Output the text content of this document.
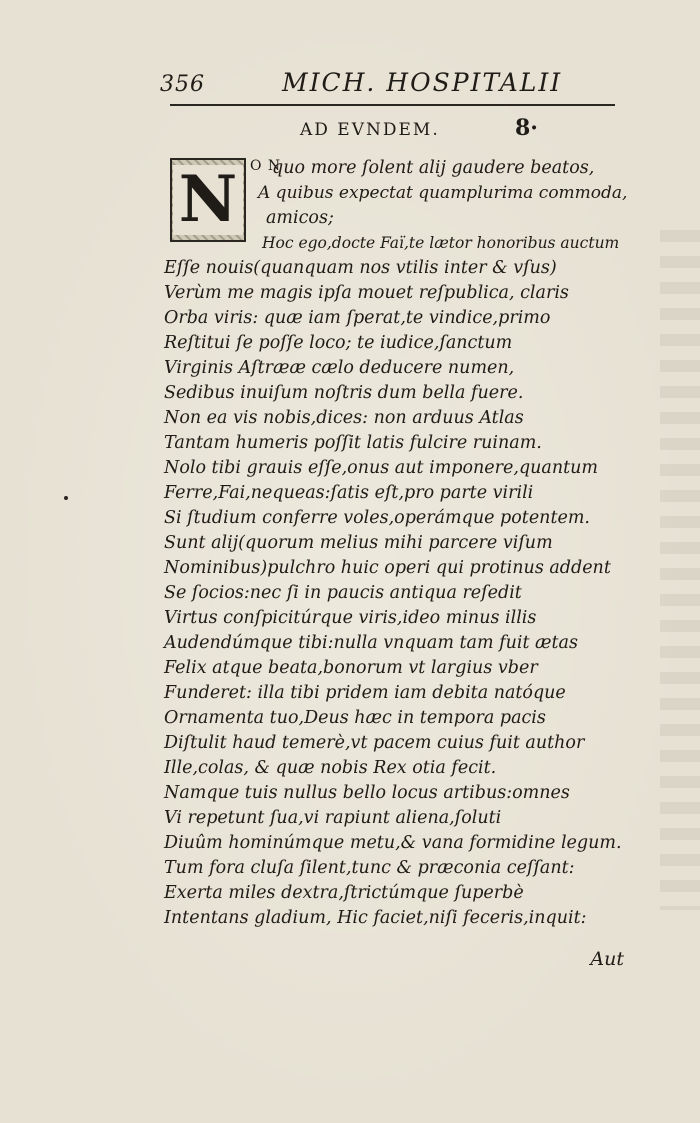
356	MICH. HOSPITALII
AD EVNDEM.	8·
N O N
quo more ſolent alij gaudere beatos,
A quibus expectat quamplurima commoda,
amicos;
Hoc ego,docte Faï,te lætor honoribus auctum
Eſſe nouis(quanquam nos vtilis inter & vſus)
Verùm me magis ipſa mouet reſpublica, claris
Orba viris: quæ iam ſperat,te vindice,primo
Reſtitui ſe poſſe loco; te iudice,ſanctum
Virginis Aſtrææ cælo deducere numen,
Sedibus inuiſum noſtris dum bella fuere.
Non ea vis nobis,dices: non arduus Atlas
Tantam humeris poſſit latis fulcire ruinam.
Nolo tibi grauis eſſe,onus aut imponere,quantum
Ferre,Fai,nequeas:ſatis eſt,pro parte virili
Si ſtudium conferre voles,operámque potentem.
Sunt alij(quorum melius mihi parcere viſum
Nominibus)pulchro huic operi qui protinus addent
Se ſocios:nec ſi in paucis antiqua reſedit
Virtus conſpicitúrque viris,ideo minus illis
Audendúmque tibi:nulla vnquam tam fuit ætas
Felix atque beata,bonorum vt largius vber
Funderet: illa tibi pridem iam debita natóque
Ornamenta tuo,Deus hæc in tempora pacis
Diſtulit haud temerè,vt pacem cuius fuit author
Ille,colas, & quæ nobis Rex otia fecit.
Namque tuis nullus bello locus artibus:omnes
Vi repetunt ſua,vi rapiunt aliena,ſoluti
Diuûm hominúmque metu,& vana formidine legum.
Tum fora cluſa ſilent,tunc & præconia ceſſant:
Exerta miles dextra,ſtrictúmque ſuperbè
Intentans gladium, Hic faciet,niſi feceris,inquit:
Aut
